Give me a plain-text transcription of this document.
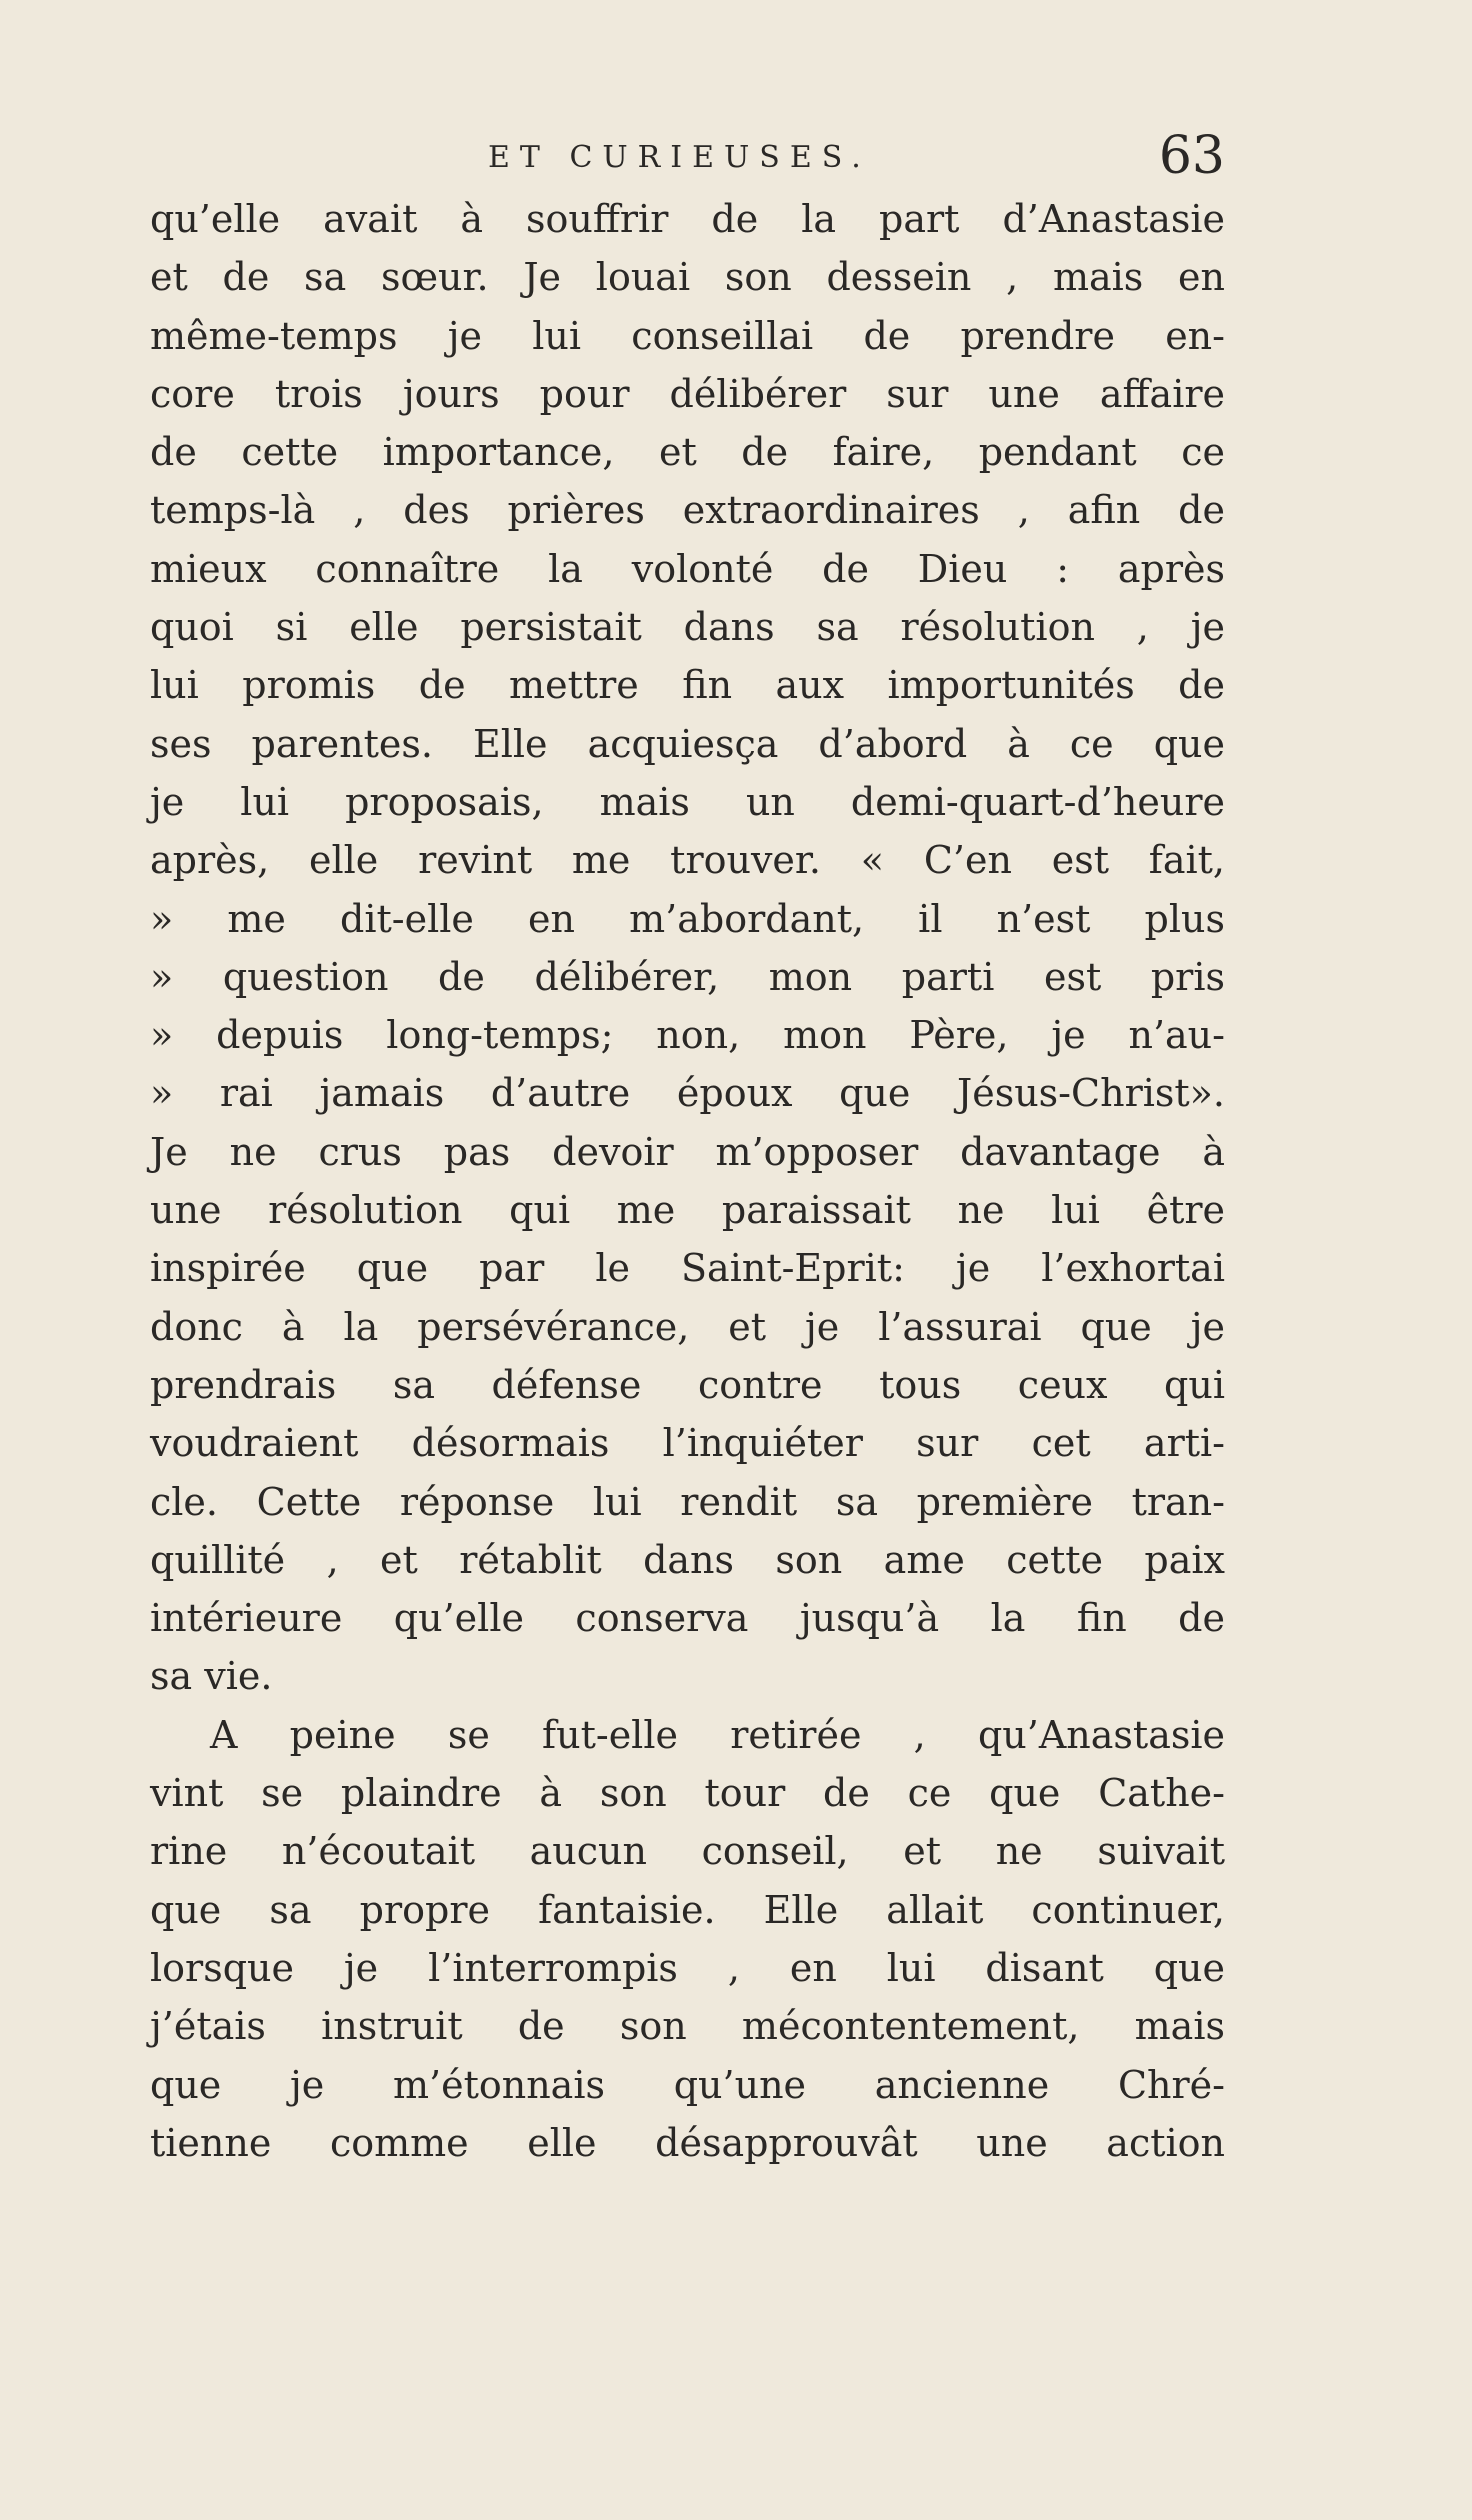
ET CURIEUSES.	63
qu’elle avait à souffrir de la part d’Anastasie
et de sa sœur. Je louai son dessein , mais en
même-temps je lui conseillai de prendre en-
core trois jours pour délibérer sur une affaire
de cette importance, et de faire, pendant ce
temps-là , des prières extraordinaires , afin de
mieux connaître la volonté de Dieu : après
quoi si elle persistait dans sa résolution , je
lui promis de mettre fin aux importunités de
ses parentes. Elle acquiesça d’abord à ce que
je lui proposais, mais un demi-quart-d’heure
après, elle revint me trouver. « C’en est fait,
» me dit-elle en m’abordant, il n’est plus
» question de délibérer, mon parti est pris
» depuis long-temps; non, mon Père, je n’au-
» rai jamais d’autre époux que Jésus-Christ».
Je ne crus pas devoir m’opposer davantage à
une résolution qui me paraissait ne lui être
inspirée que par le Saint-Eprit: je l’exhortai
donc à la persévérance, et je l’assurai que je
prendrais sa défense contre tous ceux qui
voudraient désormais l’inquiéter sur cet arti-
cle. Cette réponse lui rendit sa première tran-
quillité , et rétablit dans son ame cette paix
intérieure qu’elle conserva jusqu’à la fin de
sa vie.
A peine se fut-elle retirée , qu’Anastasie
vint se plaindre à son tour de ce que Cathe-
rine n’écoutait aucun conseil, et ne suivait
que sa propre fantaisie. Elle allait continuer,
lorsque je l’interrompis , en lui disant que
j’étais instruit de son mécontentement, mais
que je m’étonnais qu’une ancienne Chré-
tienne comme elle désapprouvât une action
